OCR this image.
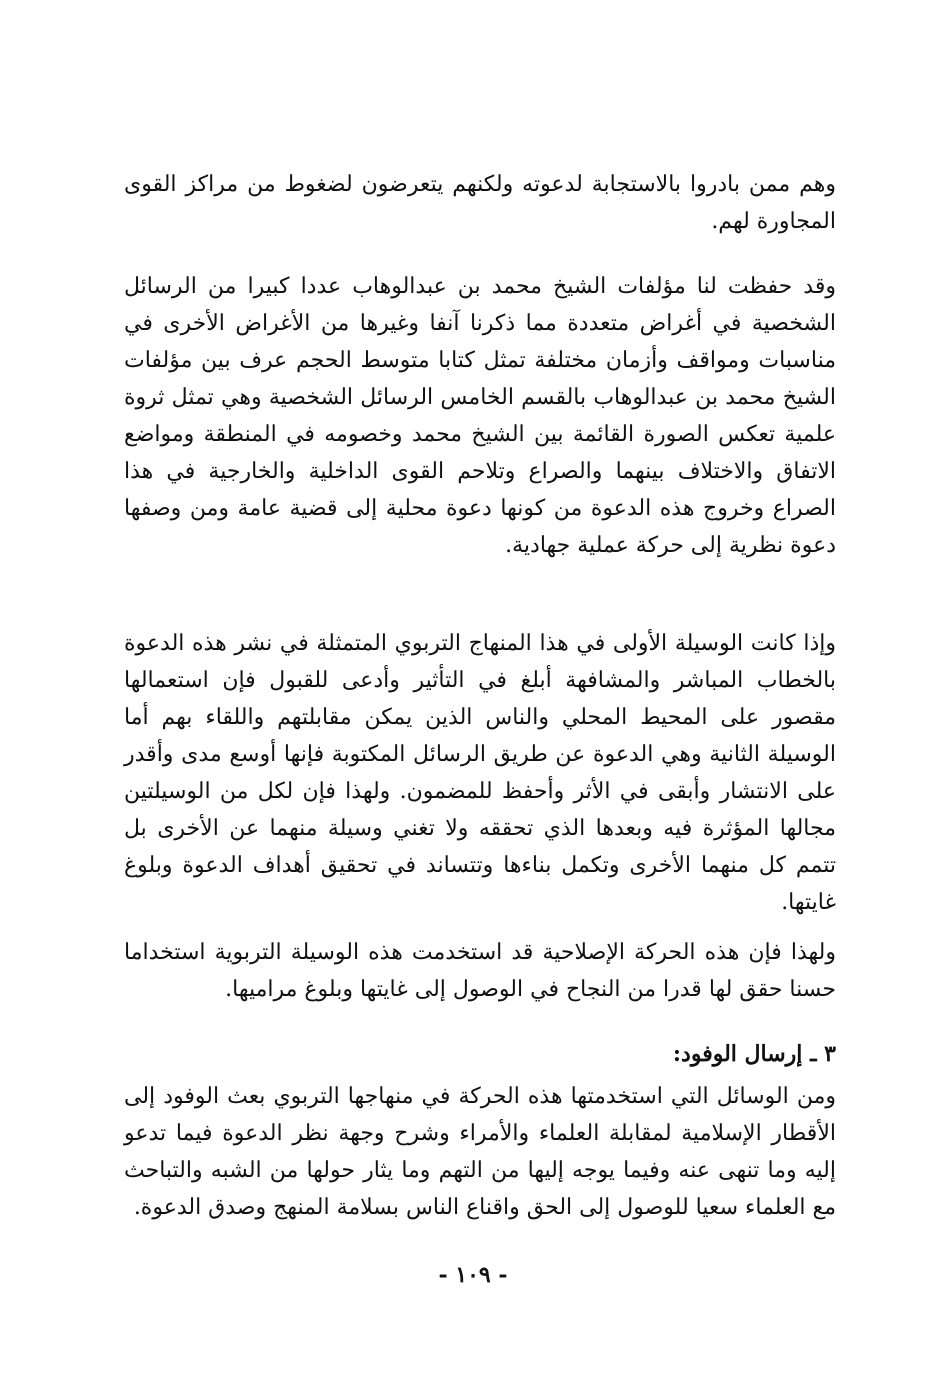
وهم ممن بادروا بالاستجابة لدعوته ولكنهم يتعرضون لضغوط من مراكز القوى المجاورة لهم.

وقد حفظت لنا مؤلفات الشيخ محمد بن عبدالوهاب عددا كبيرا من الرسائل الشخصية في أغراض متعددة مما ذكرنا آنفا وغيرها من الأغراض الأخرى في مناسبات ومواقف وأزمان مختلفة تمثل كتابا متوسط الحجم عرف بين مؤلفات الشيخ محمد بن عبدالوهاب بالقسم الخامس الرسائل الشخصية وهي تمثل ثروة علمية تعكس الصورة القائمة بين الشيخ محمد وخصومه في المنطقة ومواضع الاتفاق والاختلاف بينهما والصراع وتلاحم القوى الداخلية والخارجية في هذا الصراع وخروج هذه الدعوة من كونها دعوة محلية إلى قضية عامة ومن وصفها دعوة نظرية إلى حركة عملية جهادية.

وإذا كانت الوسيلة الأولى في هذا المنهاج التربوي المتمثلة في نشر هذه الدعوة بالخطاب المباشر والمشافهة أبلغ في التأثير وأدعى للقبول فإن استعمالها مقصور على المحيط المحلي والناس الذين يمكن مقابلتهم واللقاء بهم أما الوسيلة الثانية وهي الدعوة عن طريق الرسائل المكتوبة فإنها أوسع مدى وأقدر على الانتشار وأبقى في الأثر وأحفظ للمضمون. ولهذا فإن لكل من الوسيلتين مجالها المؤثرة فيه وبعدها الذي تحققه ولا تغني وسيلة منهما عن الأخرى بل تتمم كل منهما الأخرى وتكمل بناءها وتتساند في تحقيق أهداف الدعوة وبلوغ غايتها.

ولهذا فإن هذه الحركة الإصلاحية قد استخدمت هذه الوسيلة التربوية استخداما حسنا حقق لها قدرا من النجاح في الوصول إلى غايتها وبلوغ مراميها.

٣ ـ إرسال الوفود:

ومن الوسائل التي استخدمتها هذه الحركة في منهاجها التربوي بعث الوفود إلى الأقطار الإسلامية لمقابلة العلماء والأمراء وشرح وجهة نظر الدعوة فيما تدعو إليه وما تنهى عنه وفيما يوجه إليها من التهم وما يثار حولها من الشبه والتباحث مع العلماء سعيا للوصول إلى الحق واقناع الناس بسلامة المنهج وصدق الدعوة.

- ١٠٩ -
